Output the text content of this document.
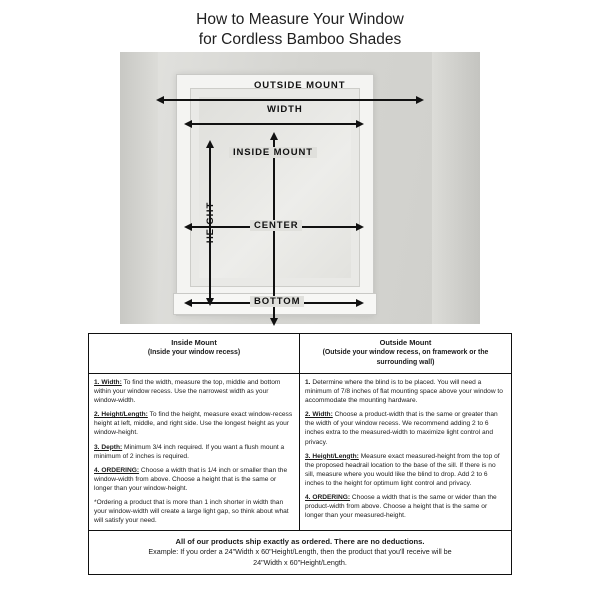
How to Measure Your Window
for Cordless Bamboo Shades
OUTSIDE MOUNT
WIDTH
INSIDE MOUNT
CENTER
BOTTOM
HEIGHT
Inside Mount
(Inside your window recess)
Outside Mount
(Outside your window recess, on framework or the surrounding wall)

1. Width: To find the width, measure the top, middle and bottom within your window recess. Use the narrowest width as your window-width.

2. Height/Length: To find the height, measure exact window-recess height at left, middle, and right side. Use the longest height as your window-height.

3. Depth: Minimum 3/4 inch required. If you want a flush mount a minimum of 2 inches is required.

4. ORDERING: Choose a width that is 1/4 inch or smaller than the window-width from above. Choose a height that is the same or longer than your window-height.

*Ordering a product that is more than 1 inch shorter in width than your window-width will create a large light gap, so think about what will satisfy your need.

1. Determine where the blind is to be placed. You will need a minimum of 7/8 inches of flat mounting space above your window to accommodate the mounting hardware.

2. Width: Choose a product-width that is the same or greater than the width of your window recess. We recommend adding 2 to 6 inches extra to the measured-width to maximize light control and privacy.

3. Height/Length: Measure exact measured-height from the top of the proposed headrail location to the base of the sill. If there is no sill, measure where you would like the blind to drop. Add 2 to 6 inches to the height for optimum light control and privacy.

4. ORDERING: Choose a width that is the same or wider than the product-width from above. Choose a height that is the same or longer than your measured-height.

All of our products ship exactly as ordered. There are no deductions.
Example: If you order a 24"Width x 60"Height/Length, then the product that you'll receive will be
24"Width x 60"Height/Length.
